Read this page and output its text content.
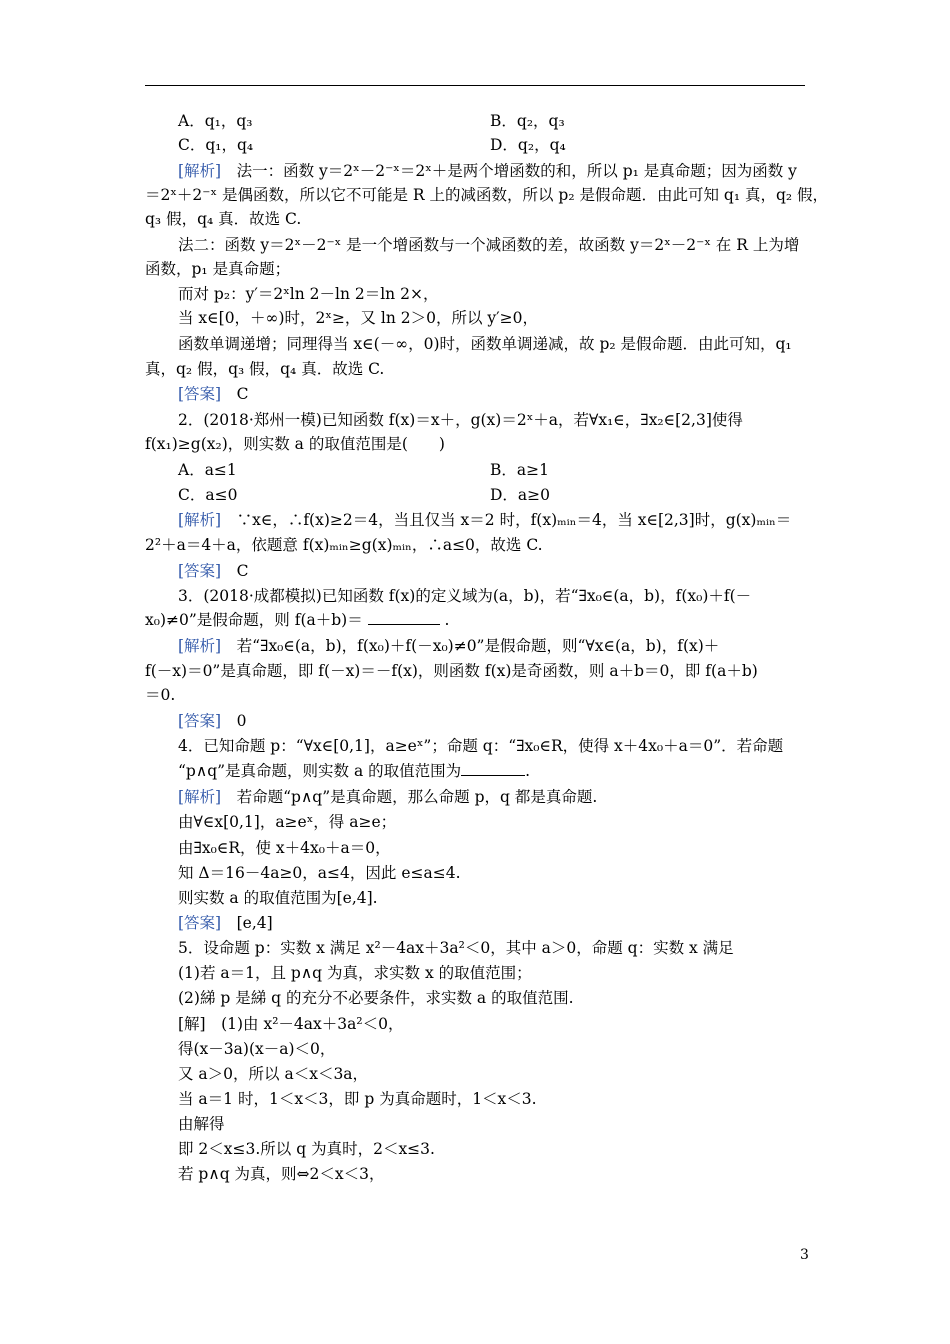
A．q₁，q₃	B．q₂，q₃
C．q₁，q₄	D．q₂，q₄
[解析]　法一：函数 y＝2ˣ－2⁻ˣ＝2ˣ＋是两个增函数的和，所以 p₁ 是真命题；因为函数 y
＝2ˣ＋2⁻ˣ 是偶函数，所以它不可能是 R 上的减函数，所以 p₂ 是假命题．由此可知 q₁ 真，q₂ 假，
q₃ 假，q₄ 真．故选 C.
法二：函数 y＝2ˣ－2⁻ˣ 是一个增函数与一个减函数的差，故函数 y＝2ˣ－2⁻ˣ 在 R 上为增
函数，p₁ 是真命题；
而对 p₂：y′＝2ˣln 2－ln 2＝ln 2×，
当 x∈[0，＋∞)时，2ˣ≥，又 ln 2＞0，所以 y′≥0，
函数单调递增；同理得当 x∈(－∞，0)时，函数单调递减，故 p₂ 是假命题．由此可知，q₁
真，q₂ 假，q₃ 假，q₄ 真．故选 C.
[答案]　C
2．(2018·郑州一模)已知函数 f(x)＝x＋，g(x)＝2ˣ＋a，若∀x₁∈，∃x₂∈[2,3]使得
f(x₁)≥g(x₂)，则实数 a 的取值范围是(　　)
A．a≤1	B．a≥1
C．a≤0	D．a≥0
[解析]　∵x∈，∴f(x)≥2＝4，当且仅当 x＝2 时，f(x)ₘᵢₙ＝4，当 x∈[2,3]时，g(x)ₘᵢₙ＝
2²＋a＝4＋a，依题意 f(x)ₘᵢₙ≥g(x)ₘᵢₙ，∴a≤0，故选 C.
[答案]　C
3．(2018·成都模拟)已知函数 f(x)的定义域为(a，b)，若“∃x₀∈(a，b)，f(x₀)＋f(－
x₀)≠0”是假命题，则 f(a＋b)＝	.
[解析]　若“∃x₀∈(a，b)，f(x₀)＋f(－x₀)≠0”是假命题，则“∀x∈(a，b)，f(x)＋
f(－x)＝0”是真命题，即 f(－x)＝－f(x)，则函数 f(x)是奇函数，则 a＋b＝0，即 f(a＋b)
＝0.
[答案]　0
4．已知命题 p：“∀x∈[0,1]，a≥eˣ”；命题 q：“∃x₀∈R，使得 x＋4x₀＋a＝0”．若命题
“p∧q”是真命题，则实数 a 的取值范围为	.
[解析]　若命题“p∧q”是真命题，那么命题 p，q 都是真命题.
由∀∈x[0,1]，a≥eˣ，得 a≥e；
由∃x₀∈R，使 x＋4x₀＋a＝0，
知 Δ＝16－4a≥0，a≤4，因此 e≤a≤4.
则实数 a 的取值范围为[e,4].
[答案]　[e,4]
5．设命题 p：实数 x 满足 x²－4ax＋3a²＜0，其中 a＞0，命题 q：实数 x 满足
(1)若 a＝1，且 p∧q 为真，求实数 x 的取值范围；
(2)綈 p 是綈 q 的充分不必要条件，求实数 a 的取值范围.
[解]　(1)由 x²－4ax＋3a²＜0，
得(x－3a)(x－a)＜0，
又 a＞0，所以 a＜x＜3a，
当 a＝1 时，1＜x＜3，即 p 为真命题时，1＜x＜3.
由解得
即 2＜x≤3.所以 q 为真时，2＜x≤3.
若 p∧q 为真，则⇔2＜x＜3，
3
